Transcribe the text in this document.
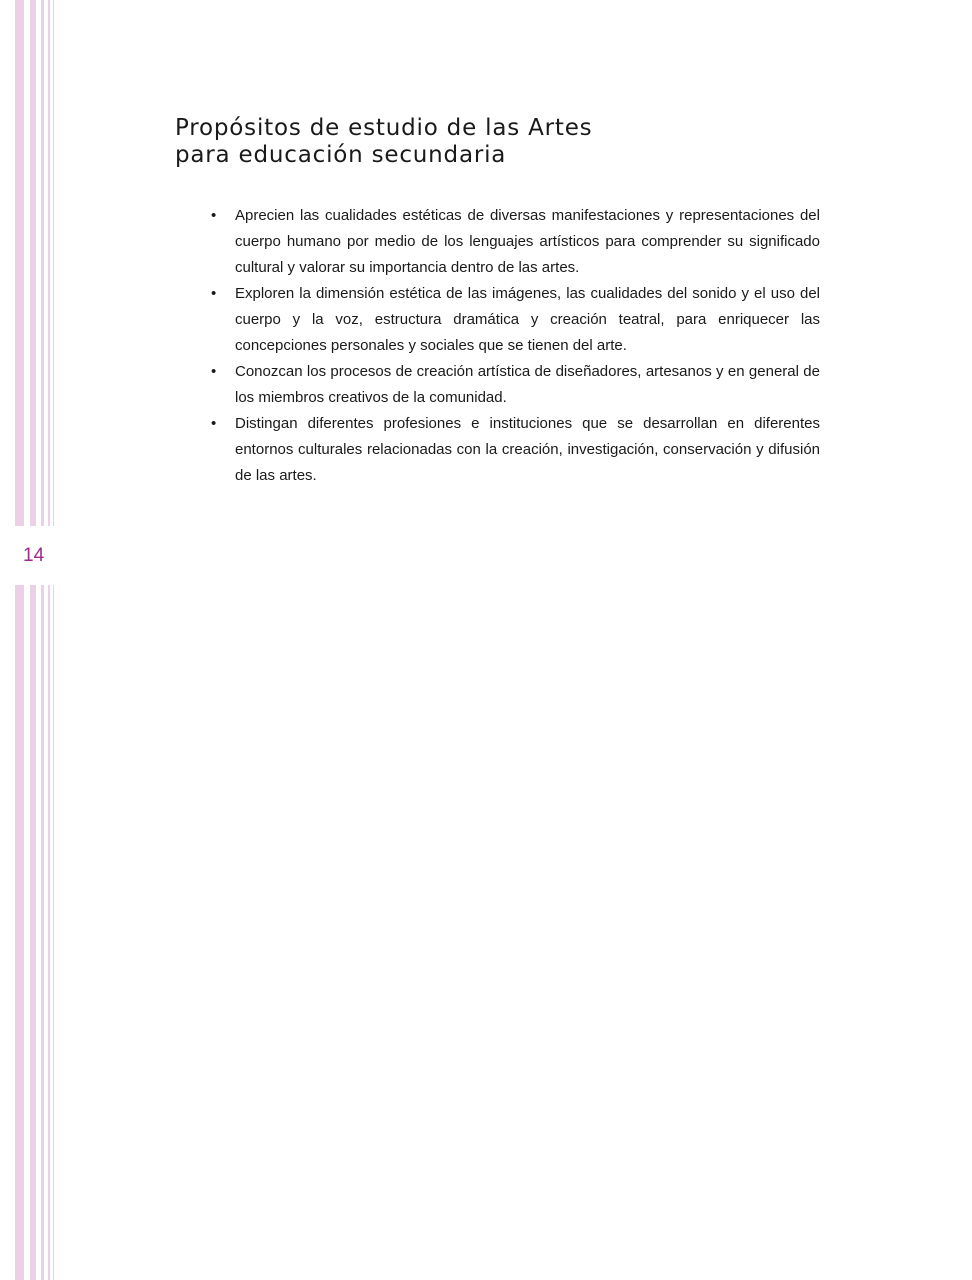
14
Propósitos de estudio de las Artes
para educación secundaria
• Aprecien las cualidades estéticas de diversas manifestaciones y representaciones del cuerpo humano por medio de los lenguajes artísticos para comprender su significado cultural y valorar su importancia dentro de las artes.
• Exploren la dimensión estética de las imágenes, las cualidades del sonido y el uso del cuerpo y la voz, estructura dramática y creación teatral, para enriquecer las concepciones personales y sociales que se tienen del arte.
• Conozcan los procesos de creación artística de diseñadores, artesanos y en general de los miembros creativos de la comunidad.
• Distingan diferentes profesiones e instituciones que se desarrollan en diferentes entornos culturales relacionadas con la creación, investigación, conservación y difusión de las artes.
